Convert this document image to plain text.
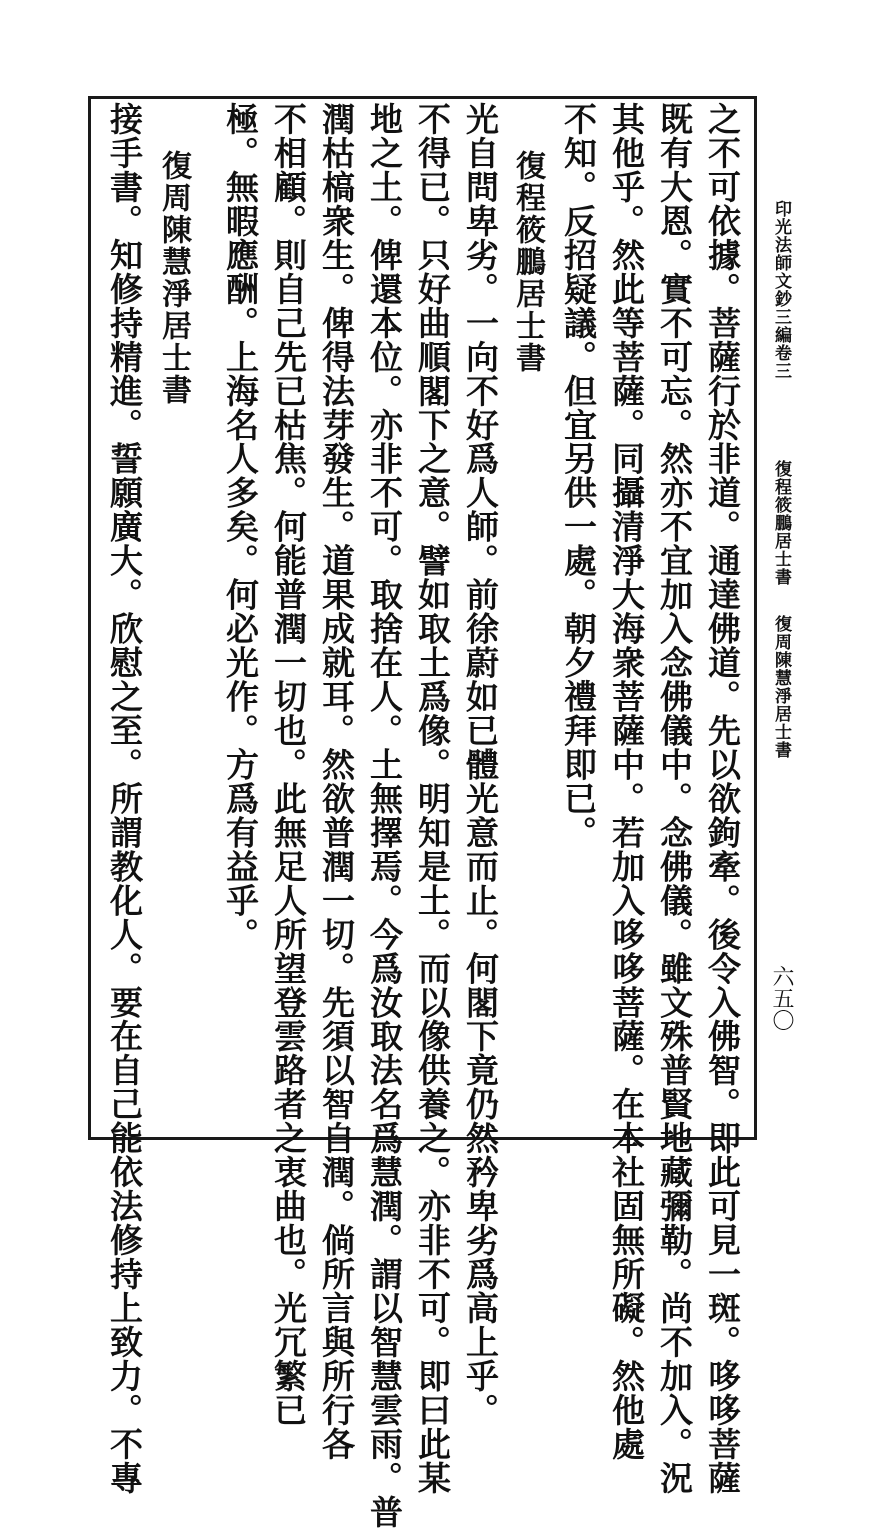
印光法師文鈔三編卷三
復程筱鵬居士書
復周陳慧淨居士書
六五〇
之不可依據。菩薩行於非道。通達佛道。先以欲鉤牽。後令入佛智。即此可見一斑。哆哆菩薩
既有大恩。實不可忘。然亦不宜加入念佛儀中。念佛儀。雖文殊普賢地藏彌勒。尚不加入。況
其他乎。然此等菩薩。同攝清淨大海衆菩薩中。若加入哆哆菩薩。在本社固無所礙。然他處
不知。反招疑議。但宜另供一處。朝夕禮拜即已。
復程筱鵬居士書
光自問卑劣。一向不好爲人師。前徐蔚如已體光意而止。何閣下竟仍然矜卑劣爲高上乎。
不得已。只好曲順閣下之意。譬如取土爲像。明知是土。而以像供養之。亦非不可。即曰此某
地之土。俾還本位。亦非不可。取捨在人。土無擇焉。今爲汝取法名爲慧潤。謂以智慧雲雨。普
潤枯槁衆生。俾得法芽發生。道果成就耳。然欲普潤一切。先須以智自潤。倘所言與所行各
不相顧。則自己先已枯焦。何能普潤一切也。此無足人所望登雲路者之衷曲也。光冗繁已
極。無暇應酬。上海名人多矣。何必光作。方爲有益乎。
復周陳慧淨居士書
接手書。知修持精進。誓願廣大。欣慰之至。所謂教化人。要在自己能依法修持上致力。不專
